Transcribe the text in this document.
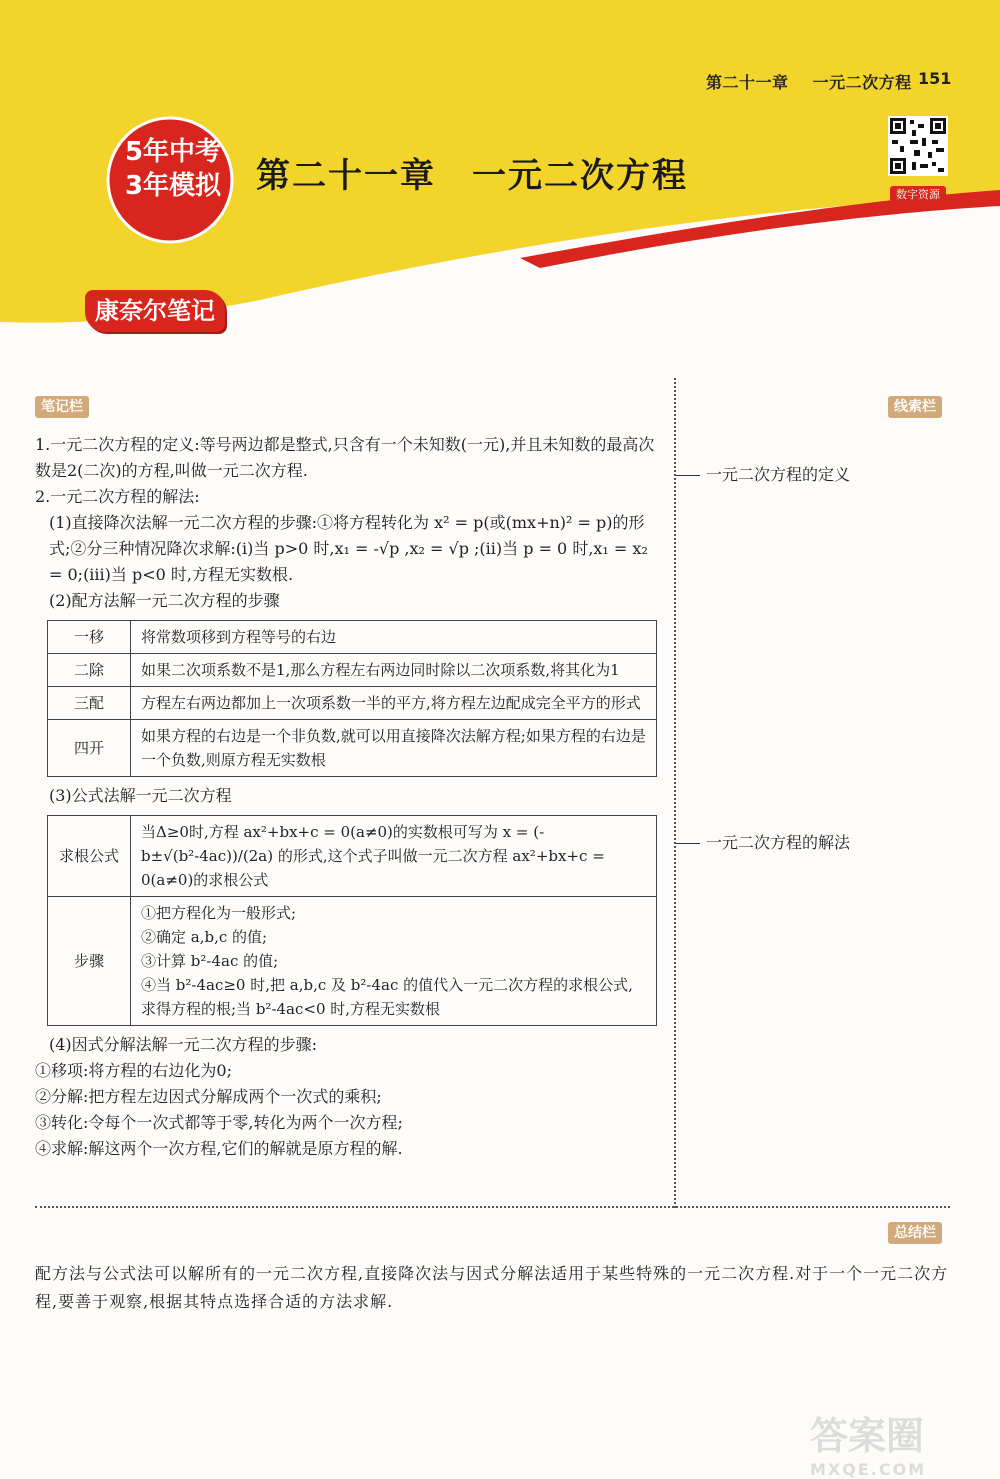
第二十一章 一元二次方程 151
5年中考
3年模拟 第二十一章　一元二次方程	数字资源
康奈尔笔记
笔记栏	线索栏
总结栏
一元二次方程的定义
一元二次方程的解法

1.一元二次方程的定义:等号两边都是整式,只含有一个未知数(一元),并且未知数的最高次数是2(二次)的方程,叫做一元二次方程.

2.一元二次方程的解法:

(1)直接降次法解一元二次方程的步骤:①将方程转化为 x² = p(或(mx+n)² = p)的形式;②分三种情况降次求解:(i)当 p>0 时,x₁ = -√p ,x₂ = √p ;(ii)当 p = 0 时,x₁ = x₂ = 0;(iii)当 p<0 时,方程无实数根.

(2)配方法解一元二次方程的步骤

一移	将常数项移到方程等号的右边
二除	如果二次项系数不是1,那么方程左右两边同时除以二次项系数,将其化为1
三配	方程左右两边都加上一次项系数一半的平方,将方程左边配成完全平方的形式
四开	如果方程的右边是一个非负数,就可以用直接降次法解方程;如果方程的右边是一个负数,则原方程无实数根

(3)公式法解一元二次方程

求根公式	当Δ≥0时,方程 ax²+bx+c = 0(a≠0)的实数根可写为 x = (-b±√(b²-4ac))/(2a) 的形式,这个式子叫做一元二次方程 ax²+bx+c = 0(a≠0)的求根公式
步骤	①把方程化为一般形式;
②确定 a,b,c 的值;
③计算 b²-4ac 的值;
④当 b²-4ac≥0 时,把 a,b,c 及 b²-4ac 的值代入一元二次方程的求根公式,求得方程的根;当 b²-4ac<0 时,方程无实数根

(4)因式分解法解一元二次方程的步骤:

①移项:将方程的右边化为0;

②分解:把方程左边因式分解成两个一次式的乘积;

③转化:令每个一次式都等于零,转化为两个一次方程;

④求解:解这两个一次方程,它们的解就是原方程的解.

配方法与公式法可以解所有的一元二次方程,直接降次法与因式分解法适用于某些特殊的一元二次方程.对于一个一元二次方程,要善于观察,根据其特点选择合适的方法求解.
答案圈
MXQE.COM
